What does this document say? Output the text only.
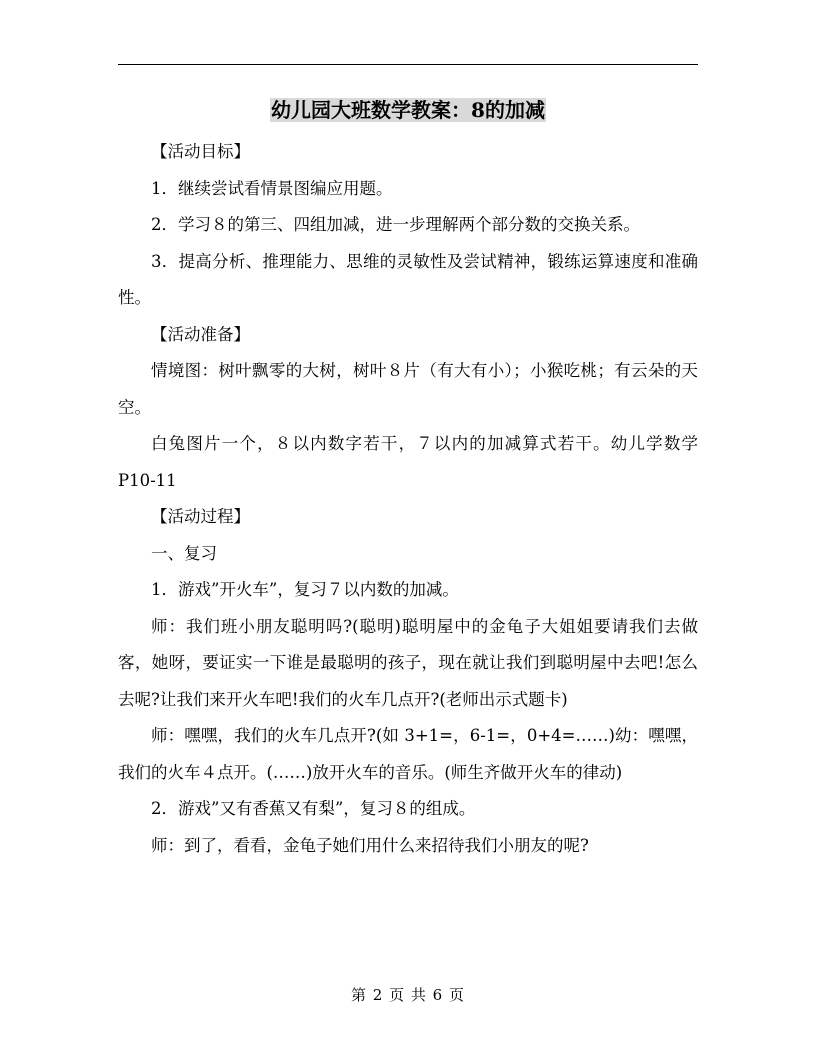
幼儿园大班数学教案：8的加减

【活动目标】

1．继续尝试看情景图编应用题。

2．学习８的第三、四组加减，进一步理解两个部分数的交换关系。

3．提高分析、推理能力、思维的灵敏性及尝试精神，锻练运算速度和准确性。

【活动准备】

情境图：树叶飘零的大树，树叶８片（有大有小）；小猴吃桃；有云朵的天空。

白兔图片一个，８以内数字若干，７以内的加减算式若干。幼儿学数学 P10-11

【活动过程】

一、复习

1．游戏”开火车”，复习７以内数的加减。

师：我们班小朋友聪明吗?(聪明)聪明屋中的金龟子大姐姐要请我们去做客，她呀，要证实一下谁是最聪明的孩子，现在就让我们到聪明屋中去吧!怎么去呢?让我们来开火车吧!我们的火车几点开?(老师出示式题卡)

师：嘿嘿，我们的火车几点开?(如 3+1=，6-1=，0+4=……)幼：嘿嘿，我们的火车４点开。(……)放开火车的音乐。(师生齐做开火车的律动)

2．游戏”又有香蕉又有梨”，复习８的组成。

师：到了，看看，金龟子她们用什么来招待我们小朋友的呢?

第 2 页 共 6 页
